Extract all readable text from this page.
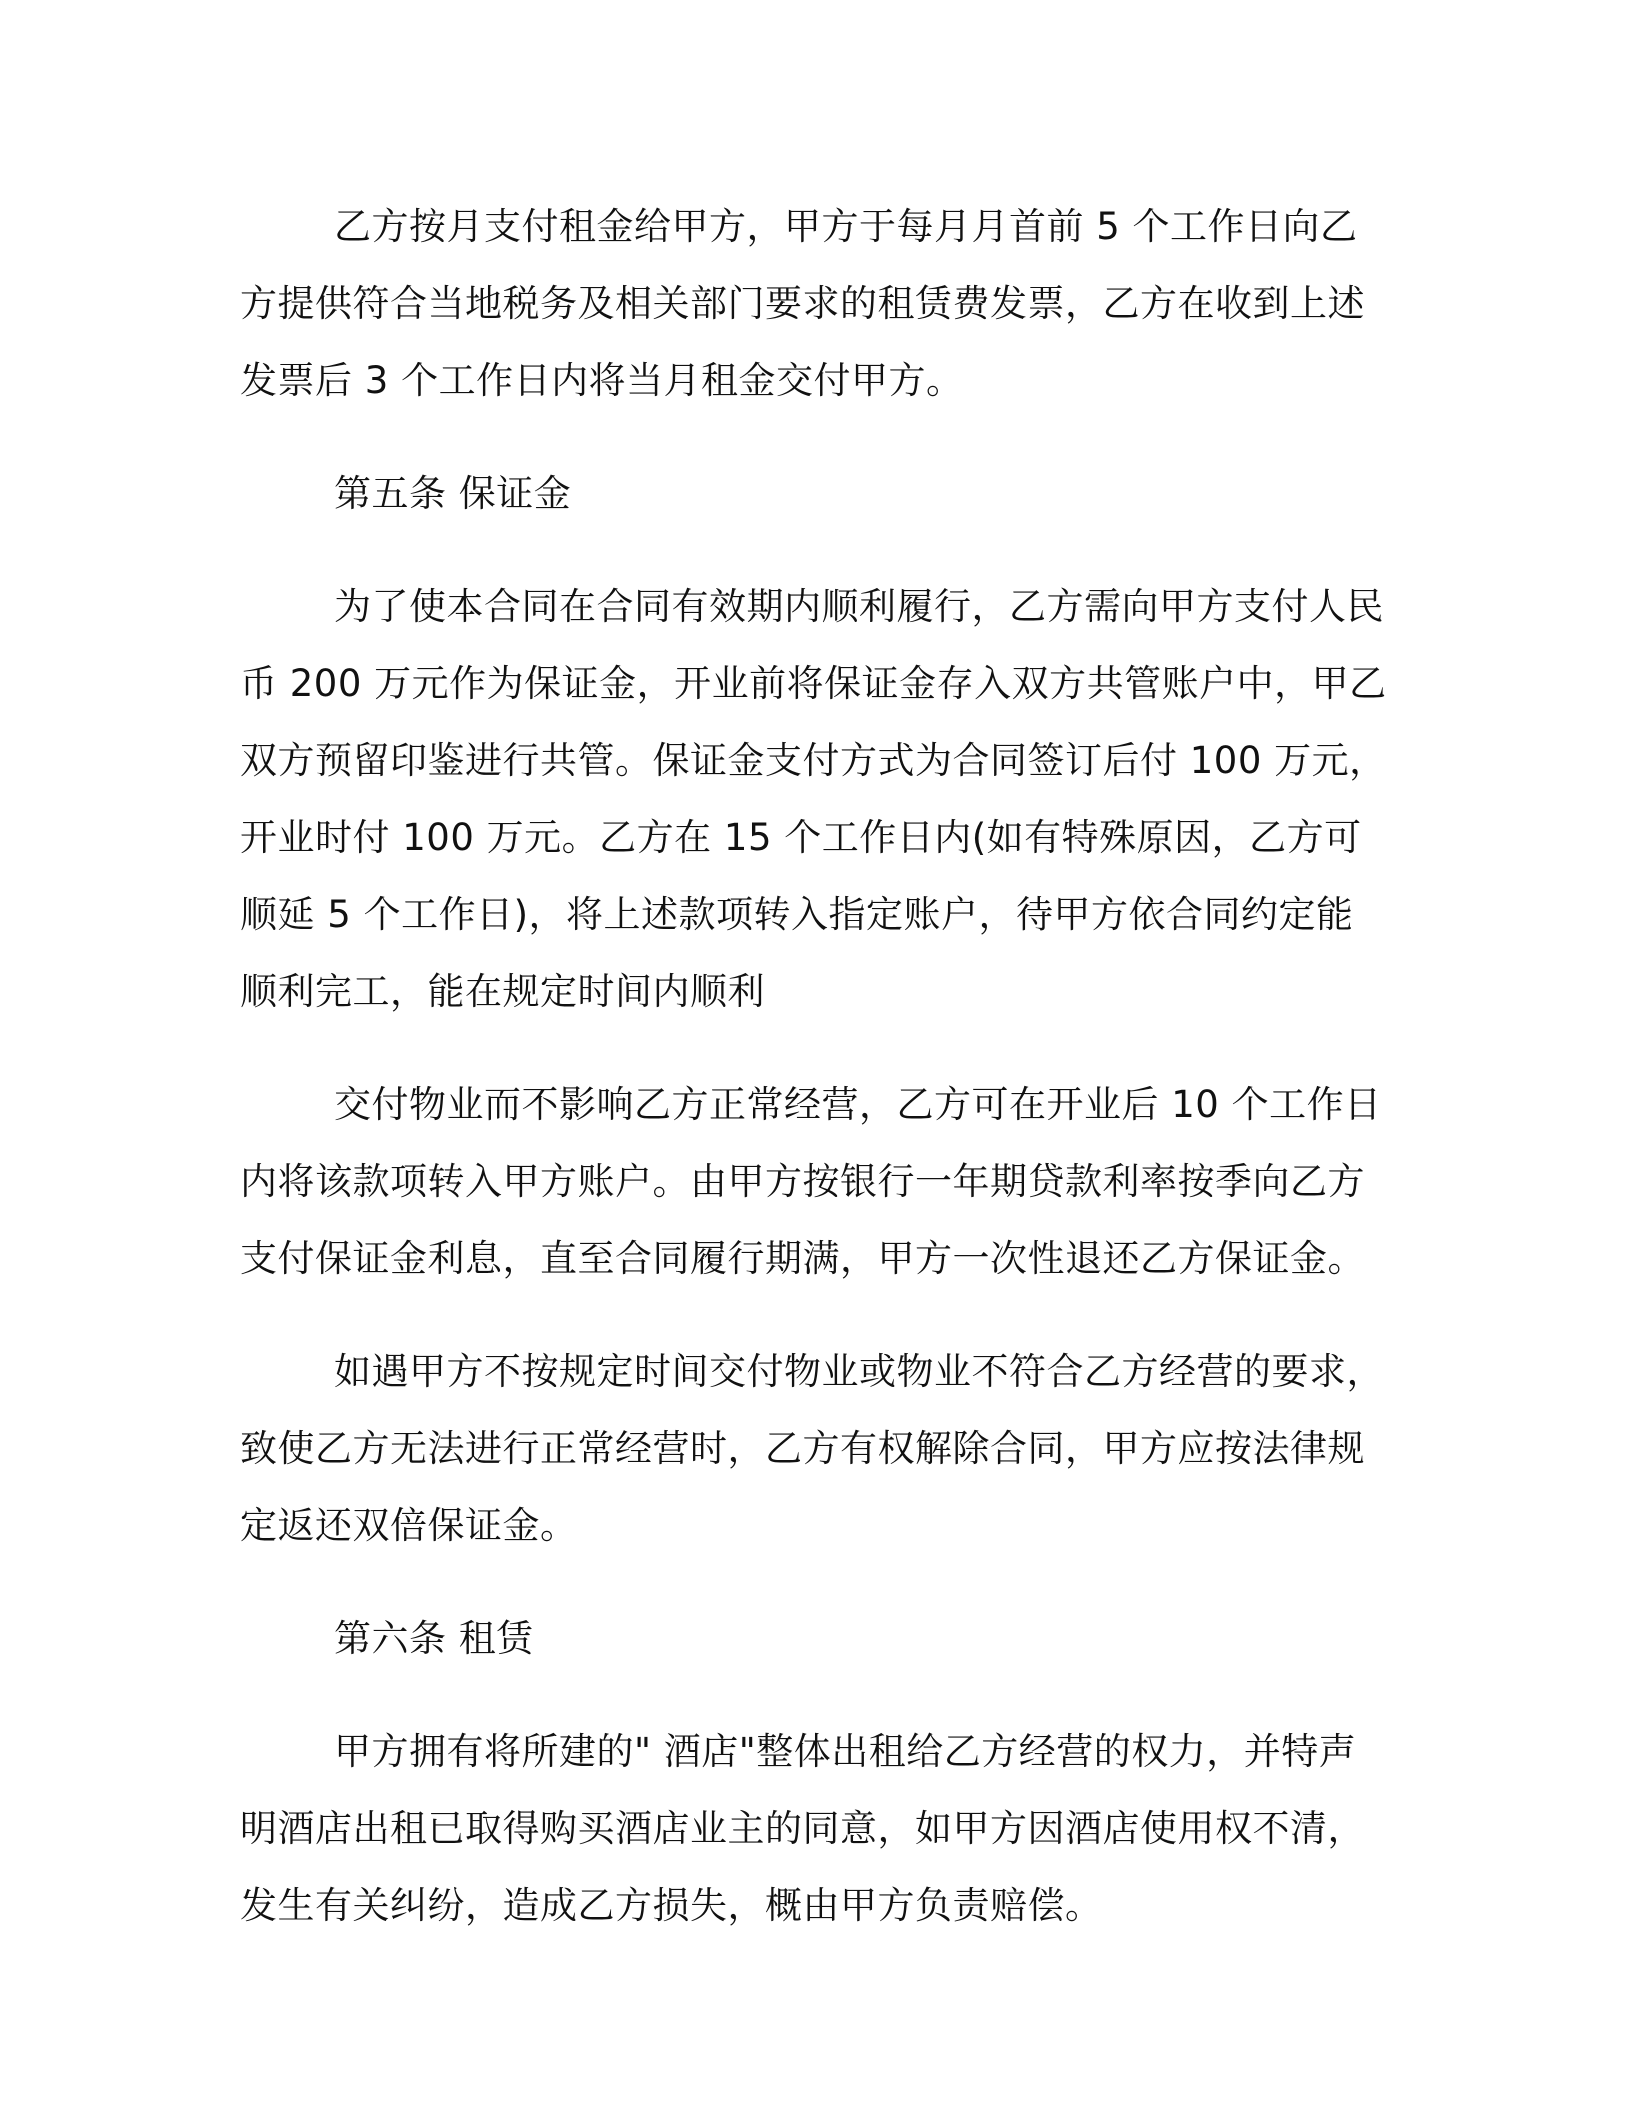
乙方按月支付租金给甲方，甲方于每月月首前 5 个工作日向乙方提供符合当地税务及相关部门要求的租赁费发票，乙方在收到上述发票后 3 个工作日内将当月租金交付甲方。

第五条 保证金

为了使本合同在合同有效期内顺利履行，乙方需向甲方支付人民币 200 万元作为保证金，开业前将保证金存入双方共管账户中，甲乙双方预留印鉴进行共管。保证金支付方式为合同签订后付 100 万元，开业时付 100 万元。乙方在 15 个工作日内(如有特殊原因，乙方可顺延 5 个工作日)，将上述款项转入指定账户，待甲方依合同约定能顺利完工，能在规定时间内顺利

交付物业而不影响乙方正常经营，乙方可在开业后 10 个工作日内将该款项转入甲方账户。由甲方按银行一年期贷款利率按季向乙方支付保证金利息，直至合同履行期满，甲方一次性退还乙方保证金。

如遇甲方不按规定时间交付物业或物业不符合乙方经营的要求，致使乙方无法进行正常经营时，乙方有权解除合同，甲方应按法律规定返还双倍保证金。

第六条 租赁

甲方拥有将所建的" 酒店"整体出租给乙方经营的权力，并特声明酒店出租已取得购买酒店业主的同意，如甲方因酒店使用权不清，发生有关纠纷，造成乙方损失，概由甲方负责赔偿。
